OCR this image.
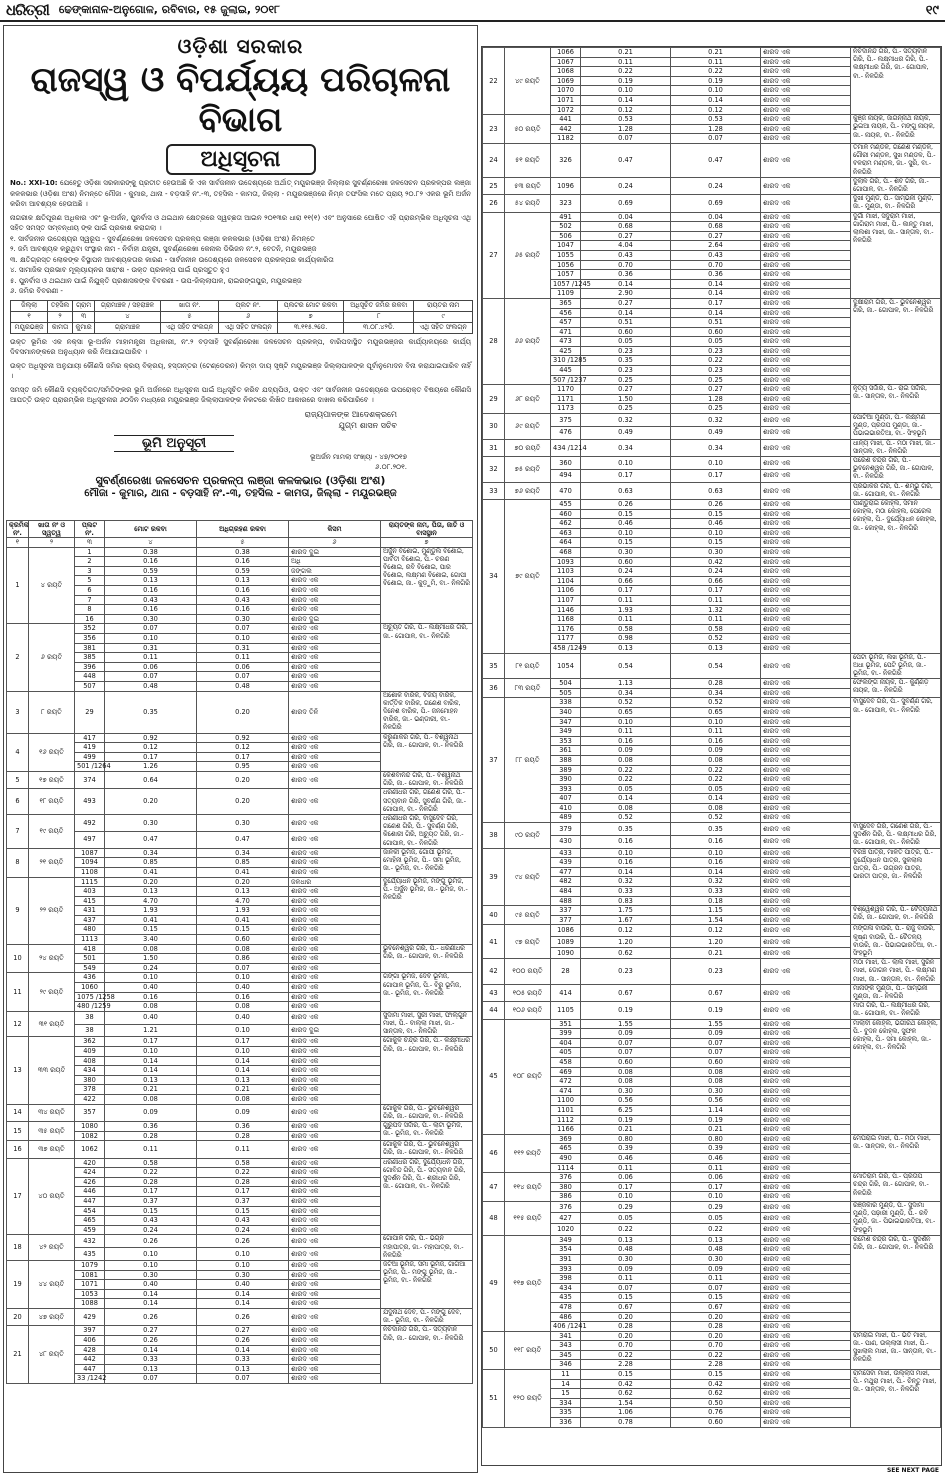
ଧରିତ୍ରୀ ଢେଙ୍କାନାଳ-ଅନୁଗୋଳ, ରବିବାର, ୧୫ ଜୁଲାଇ, ୨୦୧୮	୧୯
ଓଡ଼ିଶା ସରକାର
ରାଜସ୍ୱ ଓ ବିପର୍ଯ୍ୟୟ ପରିଚାଳନା ବିଭାଗ
ଅଧିସୂଚନା
No.: XXI-10: ଯେହେତୁ ଓଡ଼ିଶା ସରକାରଙ୍କୁ ପ୍ରତୀତ ହେଉଅଛି କି ଏକ ସାର୍ବଜନୀନ ଉଦ୍ଦେଶ୍ୟରେ ଅର୍ଥାତ୍ ମୟୂରଭଞ୍ଜ ଜିଲ୍ଲାର ସୁବର୍ଣ୍ଣରେଖା ଜଳସେଚନ ପ୍ରକଳ୍ପର ଲଞ୍ଜା କଳକଭାର (ଓଡ଼ିଶା ଅଂଶ) ନିମନ୍ତେ ମୌଜା - କୁମାର, ଥାନା - ବଡ଼ସାହି ନଂ.-୩, ତହସିଲ - କାମତା, ଜିଲ୍ଲା - ମୟୂରଭଞ୍ଜରେ ନିମ୍ନ ତଫସିଲ ମତେ ପ୍ରାୟ ୨୦.୮୨ ଏକର ଭୂମି ଅର୍ଜନ କରିବା ଆବଶ୍ୟକ ହେଉଅଛି ।
ନାଗରୀକ କ୍ଷତିପୂରଣ ଅଧିକାର ଏବଂ ଭୂ-ଅର୍ଜନ, ପୁନର୍ବାସ ଓ ଥଇଥାନ କ୍ଷେତ୍ରରେ ସ୍ୱଚ୍ଛତା ଆଇନ ୨୦୧୩ର ଧାରା ୧୧(୧) ଏବଂ ଅନୁସାରେ ଘୋଷିତ ଏହି ପ୍ରାରମ୍ଭିକ ଅଧିସୂଚନା ଏଥି ସହିତ ସମସ୍ତ ସମ୍ବନ୍ଧୀୟ ଙ୍କ ପାଇଁ ପ୍ରକାଶ କରାଗଲା ।
୧. ସାର୍ବଜନୀନ ଉଦ୍ଦେଶ୍ୟର ସ୍ୱରୂପ - ସୁବର୍ଣ୍ଣରେଖା ଜଳସେଚନ ପ୍ରକଳ୍ପ ଲଞ୍ଜା କଳକଭାର (ଓଡ଼ିଶା ଅଂଶ) ନିମନ୍ତେ
୨. ଜମି ଆବଶ୍ୟକ କରୁଥିବା ସଂସ୍ଥାର ନାମ - ନିର୍ବାହୀ ଯନ୍ତ୍ରୀ, ସୁବର୍ଣ୍ଣରେଖା କେନାଲ ଡିଭିଜନ ନଂ.୨, ବେତନି, ମୟୂରଭଞ୍ଜ
୩. କ୍ଷତିଗ୍ରସ୍ତ ଲୋକଙ୍କ ବିସ୍ଥାପନ ଆବଶ୍ୟକତାର କାରଣ - ସାର୍ବଜନୀନ ଉଦ୍ଦେଶ୍ୟରେ ଜଳସେଚନ ପ୍ରକଳ୍ପର କାର୍ଯ୍ୟକାରିତା
୪. ସାମାଜିକ ପ୍ରଭାବ ମୂଲ୍ୟାୟନର ସାରାଂଶ - ଉକ୍ତ ପ୍ରକଳ୍ପ ପାଇଁ ପ୍ରସ୍ତୁତ ହୁଏ
୫. ପୁନର୍ବାସ ଓ ଥଇଥାନ ପାଇଁ ନିଯୁକ୍ତି ପ୍ରଶାସକଙ୍କ ବିବରଣୀ - ଉପ-ଜିଲ୍ଲାପାଳ, ରାଇରଙ୍ଗପୁର, ମୟୂରଭଞ୍ଜ
୬. ଜମିର ବିବରଣୀ -
ଜିଲ୍ଲା	ତହସିଲ	ଗ୍ରାମ	ଗ୍ରାମାଞ୍ଚଳ / ସହରାଞ୍ଚଳ	ଖାତା ନଂ.	ପ୍ଲଟ ନଂ.	ପ୍ଲଟର ମୋଟ ରକବା	ଅଧିସୂଚିତ ଜମିର ରକବା	ରାୟତର ନାମ
୧	୨	୩	୪	୫	୬	୭	୮	୯
ମୟୂରଭଞ୍ଜ	କାମତା	କୁମାର	ଗ୍ରାମାଞ୍ଚଳ	ଏଥି ସହିତ ସଂଲଗ୍ନ	ଏଥି ସହିତ ସଂଲଗ୍ନ	୩.୧୧୫.୨ଡେ.	୩.୦୮.୪୨ଡି.	ଏଥି ସହିତ ସଂଲଗ୍ନ
ଉକ୍ତ ଭୂମିର ଏକ ନକ୍ସା ଭୂ-ଅର୍ଜନ ମାହାମନ୍ତ୍ରୀ ଅଧିକାରୀ, ନଂ.୨ ବଡ଼ସାହି ସୁବର୍ଣ୍ଣରେଖା ଜଳସେଚନ ପ୍ରକଳ୍ପ, ବାରିପଦାସ୍ଥିତ ମୟୂରଭଞ୍ଜର କାର୍ଯ୍ୟାଳୟରେ କାର୍ଯ୍ୟ ଦିବସମାନଙ୍କରେ ଅନୁଧ୍ୟାନ କରି ନିଆଯାଇପାରିବ ।
ଉକ୍ତ ଅଧିସୂଚନା ଅନୁଯାୟୀ କୌଣସି ଜମିର କ୍ରୟ ବିକ୍ରୟ, ହସ୍ତାନ୍ତର (ଟେଣ୍ଡେରନ) କିମ୍ବା ଦାୟ ସୃଷ୍ଟି ମୟୂରଭଞ୍ଜ ଜିଲ୍ଲାପାଳଙ୍କ ପୂର୍ବାନୁମୋଦନ ବିନା କରାଯାଇପାରିବ ନାହିଁ ।
ସମସ୍ତ ଜମି କୌଣସି ବ୍ୟକ୍ତିଗତ/ସମିତିଙ୍କର ଭୂମି ଅର୍ଜନରେ ଅଧିସୂଚନା ପାଇଁ ଅଧିସୂଚିତ କରିବ ଯଦ୍ୟପିଓ, ଉକ୍ତ ଏବଂ ସାର୍ବଜନୀନ ଉଦ୍ଦେଶ୍ୟରେ ଉପରୋକ୍ତ ବିଷୟରେ କୌଣସି ଆପତ୍ତି ଉକ୍ତ ପ୍ରାରମ୍ଭିକ ଅଧିସୂଚନାର ୬୦ଦିନ ମଧ୍ୟରେ ମୟୂରଭଞ୍ଜ ଜିଲ୍ଲାପାଳଙ୍କ ନିକଟରେ ଲିଖିତ ଆକାରରେ ଦାଖଲ କରିପାରିବେ ।
ରାଜ୍ୟପାଳଙ୍କ ଆଦେଶକ୍ରମେ
ଯୁଗ୍ମ ଶାସନ ସଚିବ
ଭୂମି ଅନୁସୂଚୀ
ଭୂଅର୍ଜନ ମାମଲା ସଂଖ୍ୟା - ୪୭/୨୦୧୭
୬.୦୮.୨୦୧.
ସୁବର୍ଣ୍ଣରେଖା ଜଳସେଚନ ପ୍ରକଳ୍ପ ଲଞ୍ଜା କଳକଭାର (ଓଡ଼ିଶା ଅଂଶ)
ମୌଜା - କୁମାର, ଥାନା - ବଡ଼ସାହି ନଂ.-୩, ତହସିଲ - କାମତା, ଜିଲ୍ଲା - ମୟୂରଭଞ୍ଜ
କ୍ରମିକ ନଂ.	ଖାତା ନଂ ଓ ସ୍ୱତ୍ୱ	ପ୍ଲଟ ନଂ.	ମୋଟ ରକବା	ଅଧିଗ୍ରହଣ ରକବା	କିସମ	ରାୟତଙ୍କ ନାମ, ପିତା, ଜାତି ଓ ବାସସ୍ଥାନ
୧	୨	୩	୪	୫	୬	୭
1	୪ ରୟତି	1	0.38	0.38	ଶାରଦ ଦୁଇ	ଅର୍ଜୁନ ବିଶୋଇ, ମୁଣ୍ଡୁଲି ବିଶୋଇ, ପାର୍ବତୀ ବିଶୋଇ, ପି.- ଚରଣ ବିଶୋଇ, ରବି ବିଶୋଇ, ପାର ବିଶୋଇ, ଲକ୍ଷ୍ମଣ ବିଶୋଇ, ଗୋପୀ ବିଶୋଇ, ଜା.- କୁଡ଼ୁମି, ବା.- ନିଳଗିରି
		2	0.16	0.16	ଅଧି	
		3	0.59	0.59	ଜଙ୍ଗଲ	
		5	0.13	0.13	ଶାରଦ ଏକ	
		6	0.16	0.16	ଶାରଦ ଏକ	
		7	0.43	0.43	ଶାରଦ ଏକ	
		8	0.16	0.16	ଶାରଦ ଏକ	
		16	0.30	0.30	ଶାରଦ ଦୁଇ	
2	୬ ରୟତି	352	0.07	0.07	ଶାରଦ ଏକ	ଅଚ୍ୟୁତ ଗିରି, ପି.- ଲକ୍ଷ୍ମୀଧର ଗିରି, ଜା.- ଗୋପାଳ, ବା.- ନିଳଗିରି
		356	0.10	0.10	ଶାରଦ ଏକ	
		381	0.31	0.31	ଶାରଦ ଏକ	
		385	0.11	0.11	ଶାରଦ ଏକ	
		396	0.06	0.06	ଶାରଦ ଏକ	
		448	0.07	0.07	ଶାରଦ ଏକ	
		507	0.48	0.48	ଶାରଦ ଏକ	
3	୮ ରୟତି	29	0.35	0.20	ଶାରଦ ତିନି	ଅଶୋକ ବାରିକ, ବିଜୟ ବାରିକ, କାର୍ତ୍ତିକ ବାରିକ, ଗଣେଶ ବାରିକ, ଦିନେଶ ବାରିକ, ପି.- ଜନମୋହନ ବାରିକ, ଜା.- ଭଣ୍ଡାରୀ, ବା.- ନିଳଗିରି
4	୧୬ ରୟତି	417	0.92	0.92	ଶାରଦ ଏକ	କରୁଣାକର ଗିରି, ପି.- ବିଶ୍ୱନାଥ ଗିରି, ଜା.- ଗୋପାଳ, ବା.- ନିଳଗିରି
		419	0.12	0.12	ଶାରଦ ଏକ	
		499	0.17	0.17	ଶାରଦ ଏକ	
		501 /1264	1.26	0.95	ଶାରଦ ଏକ	
5	୧୭ ରୟତି	374	0.64	0.20	ଶାରଦ ଏକ	କେଶବାନନ୍ଦ ଗିରି, ପି.- ବିଶ୍ୱନାଥ ଗିରି, ଜା.- ଗୋପାଳ, ବା.- ନିଳଗିରି
6	୧୮ ରୟତି	493	0.20	0.20	ଶାରଦ ଏକ	ଧରଣୀଧର ଗିରି, ଗଣେଶ ଗିରି, ପି.- ସତ୍ୟବାନ ଗିରି, ସୁବର୍ଣ୍ଣ ଗିରି, ଜା.- ଗୋପାଳ, ବା.- ନିଳଗିରି
7	୧୯ ରୟତି	492	0.30	0.30	ଶାରଦ ଏକ	ଧରଣୀଧର ଗିରି, ବାସୁଦେବ ଗିରି, ଗଣେଶ ଗିରି, ପି.- ସୁବର୍ଣ୍ଣ ଗିରି, କିଶୋରୀ ଗିରି, ଅଚ୍ୟୁତ ଗିରି, ଜା.- ଗୋପାଳ, ବା.- ନିଳଗିରି
		497	0.47	0.47	ଶାରଦ ଏକ	
8	୨୧ ରୟତି	1087	0.34	0.34	ଶାରଦ ଏକ	ଜାନକୀ ଭୂମିଜ, ଗୋପୀ ଭୂମିଜ, ମୋହିନୀ ଭୂମିଜ, ପି.- ସମା ଭୂମିଜ, ଜା.- ଭୂମିଜ, ବା.- ନିଳଗିରି
		1094	0.85	0.85	ଶାରଦ ଏକ	
		1108	0.41	0.41	ଶାରଦ ଏକ	
9	୨୨ ରୟତି	1115	0.20	0.20	ଜଳଧାର	ଦୁର୍ଯ୍ୟୋଧନ ଭୂମିଜ, ମଙ୍ଗୁ ଭୂମିଜ, ପି.- ଅର୍ଜୁନ ଭୂମିଜ, ଜା.- ଭୂମିଜ, ବା.- ନିଳଗିରି
		403	0.13	0.13	ଶାରଦ ଏକ	
		415	4.70	4.70	ଶାରଦ ଏକ	
		431	1.93	1.93	ଶାରଦ ଏକ	
		437	0.41	0.41	ଶାରଦ ଏକ	
		480	0.15	0.15	ଶାରଦ ଏକ	
		1113	3.40	0.60	ଶାରଦ ଏକ	
10	୨୪ ରୟତି	418	0.08	0.08	ଶାରଦ ଏକ	ଭୁବନେଶ୍ୱର ଗିରି, ପି.- ଧରଣୀଧର ଗିରି, ଜା.- ଗୋପାଳ, ବା.- ନିଳଗିରି
		501	1.50	0.86	ଶାରଦ ଏକ	
		549	0.24	0.07	ଶାରଦ ଏକ	
11	୨୯ ରୟତି	436	0.10	0.10	ଶାରଦ ଏକ	ଗଙ୍ଗା ଭୂମିଜ, ଦେବ ଭୂମିଜ, ଗୋପାଳ ଭୂମିଜ, ପି.- ବିରୁ ଭୂମିଜ, ଜା.- ଭୂମିଜ, ବା.- ନିଳଗିରି
		1060	0.40	0.40	ଶାରଦ ଏକ	
		1075 /1258	0.16	0.16	ଶାରଦ ଏକ	
		480 /1259	0.08	0.08	ଶାରଦ ଏକ	
12	୩୧ ରୟତି	38	0.40	0.40	ଶାରଦ ଏକ	ସୁଦାମା ମାଝୀ, ସୁରୀ ମାଝୀ, ଫାଲ୍ଗୁନ ମାଝୀ, ପି.- ବାଲ୍ଲା ମାଝୀ, ଜା.- ସାନ୍ତାଳ, ବା.- ନିଳଗିରି
		38	1.21	0.10	ଶାରଦ ଦୁଇ	
13	୩୩ ରୟତି	362	0.17	0.17	ଶାରଦ ଏକ	ଗୋକୁଳ ଚନ୍ଦ୍ର ଗିରି, ପି.- ଲକ୍ଷ୍ମୀଧର ଗିରି, ଜା.- ଗୋପାଳ, ବା.- ନିଳଗିରି
		409	0.10	0.10	ଶାରଦ ଏକ	
		408	0.14	0.14	ଶାରଦ ଏକ	
		434	0.14	0.14	ଶାରଦ ଏକ	
		380	0.13	0.13	ଶାରଦ ଏକ	
		378	0.21	0.21	ଶାରଦ ଏକ	
		422	0.08	0.08	ଶାରଦ ଏକ	
14	୩୪ ରୟତି	357	0.09	0.09	ଶାରଦ ଏକ	ଗୋକୁଳ ଗିରି, ପି.- ଭୁବନେଶ୍ୱର ଗିରି, ଜା.- ଗୋପାଳ, ବା.- ନିଳଗିରି
15	୩୫ ରୟତି	1080	0.36	0.36	ଶାରଦ ଏକ	ଗୁରୁପଦ ସର୍ଦ୍ଦାର, ପି.- ଲାଟା ଭୂମିଜ, ଜା.- ଭୂମିଜ, ବା.- ନିଳଗିରି
		1082	0.28	0.28	ଶାରଦ ଏକ	
16	୩୭ ରୟତି	1062	0.11	0.11	ଶାରଦ ଏକ	ଗୋକୁଳ ଗିରି, ପି.- ଭୁବନେଶ୍ୱର ଗିରି, ଜା.- ଗୋପାଳ, ବା.- ନିଳଗିରି
17	୪୦ ରୟତି	420	0.58	0.58	ଶାରଦ ଏକ	ଧରଣୀଧର ଗିରି, ଦୁର୍ଯ୍ୟୋଧନ ଗିରି, ଗୋବିନ୍ଦ ଗିରି, ପି.- ସତ୍ୟବାନ ଗିରି, ସୁଦର୍ଶନ ଗିରି, ପି.- ଶ୍ରୀଧର ଗିରି, ଜା.- ଗୋପାଳ, ବା.- ନିଳଗିରି
		424	0.22	0.22	ଶାରଦ ଏକ	
		426	0.28	0.28	ଶାରଦ ଏକ	
		446	0.17	0.17	ଶାରଦ ଏକ	
		447	0.37	0.37	ଶାରଦ ଏକ	
		454	0.15	0.15	ଶାରଦ ଏକ	
		465	0.43	0.43	ଶାରଦ ଏକ	
		459	0.24	0.24	ଶାରଦ ଏକ	
18	୪୨ ରୟତି	432	0.26	0.26	ଶାରଦ ଏକ	ଗୋପାଳ ଗିରି, ପି.- ଭଗ୍ନ ମହାପାତ୍ର, ଜା.- ମହାପାତ୍ର, ବା.- ନିଳଗିରି
		435	0.10	0.10	ଶାରଦ ଏକ	
19	୪୪ ରୟତି	1079	0.10	0.10	ଶାରଦ ଏକ	ଜଟିଆ ଭୂମିଜ, ସମା ଭୂମିଜ, ଗାଗିଆ ଭୂମିଜ, ପି.- ମଙ୍ଗୁ ଭୂମିଜ, ଜା.- ଭୂମିଜ, ବା.- ନିଳଗିରି
		1081	0.30	0.30	ଶାରଦ ଏକ	
		1071	0.40	0.40	ଶାରଦ ଏକ	
		1053	0.14	0.14	ଶାରଦ ଏକ	
		1088	0.14	0.14	ଶାରଦ ଏକ	
20	୪୭ ରୟତି	429	0.26	0.26	ଶାରଦ ଏକ	ଯଦୁନାଥ ଦେବ, ପି.- ମଙ୍ଗୁ ଦେବ, ଜା.- ଭୂମିଜ, ବା.- ନିଳଗିରି
21	୪୮ ରୟତି	397	0.27	0.27	ଶାରଦ ଏକ	ନିଚିଦାନନ୍ଦ ଗିରି, ପି.- ସତ୍ୟବାନ ଗିରି, ଜା.- ଗୋପାଳ, ବା.- ନିଳଗିରି
		406	0.26	0.26	ଶାରଦ ଏକ	
		428	0.14	0.14	ଶାରଦ ଏକ	
		442	0.33	0.33	ଶାରଦ ଏକ	
		447	0.13	0.13	ଶାରଦ ଏକ	
		33 /1242	0.07	0.07	ଶାରଦ ଏକ	
22	୪୯ ରୟତି	1066	0.21	0.21	ଶାରଦ ଏକ	ନିଚିଦାନନ୍ଦ ଗିରି, ପି.- ସତ୍ୟବାନ ଗିରି, ପି.- ଲକ୍ଷ୍ମୀଧର ଗିରି, ପି.- ଲକ୍ଷ୍ମୀଧର ଗିରି, ଜା.- ଗୋପାଳ, ବା.- ନିଳଗିରି
		1067	0.11	0.11	ଶାରଦ ଏକ	
		1068	0.22	0.22	ଶାରଦ ଏକ	
		1069	0.19	0.19	ଶାରଦ ଏକ	
		1070	0.10	0.10	ଶାରଦ ଏକ	
		1071	0.14	0.14	ଶାରଦ ଏକ	
		1072	0.12	0.12	ଶାରଦ ଏକ	
23	୫୦ ରୟତି	441	0.53	0.53	ଶାରଦ ଏକ	କୁଞ୍ଜ ନାୟକ, ଜାଗନ୍ନାଥ ନାୟକ, ଭୁଇଆ ନାୟକ, ପି.- ମଙ୍ଗୁ ନାୟକ, ଜା.- ନାୟକ, ବା.- ନିଳଗିରି
		442	1.28	1.28	ଶାରଦ ଏକ	
		1182	0.07	0.07	ଶାରଦ ଏକ	
24	୫୧ ରୟତି	326	0.47	0.47	ଶାରଦ ଏକ	ତମାଳ ମଣ୍ଡଳ, ଗଣେଶ ମଣ୍ଡଳ, ଗୌରୀ ମଣ୍ଡଳ, ସୁଖ ମଣ୍ଡଳ, ପି.- ବଳରାମ ମଣ୍ଡଳ, ଜା.- ସୁରି, ବା.- ନିଳଗିରି
25	୫୩ ରୟତି	1096	0.24	0.24	ଶାରଦ ଏକ	ଦୁଲାଳ ଗିରି, ପି.- ଶିବ ଗିରି, ଜା.- ଗୋପାଳ, ବା.- ନିଳଗିରି
26	୫୪ ରୟତି	323	0.69	0.69	ଶାରଦ ଏକ	ଦୁଖୀ ମୁଣ୍ଡ, ପି.- ସାମ୍ଭନୀ ମୁଣ୍ଡ, ଜା.- ମୁଣ୍ଡା, ବା.- ନିଳଗିରି
27	୬୫ ରୟତି	491	0.04	0.04	ଶାରଦ ଏକ	ଦୁର୍ଗା ମାଝୀ, ସଦୁରାମ ମାଝୀ, ଗାଗିରାମ ମାଝୀ, ପି.- କାନ୍ତୁ ମାଝୀ, ଲାଲଶା ମାଝୀ, ଜା.- ସାନ୍ତାଳ, ବା.- ନିଳଗିରି
		502	0.68	0.68	ଶାରଦ ଏକ	
		506	0.27	0.27	ଶାରଦ ଏକ	
		1047	4.04	2.64	ଶାରଦ ଏକ	
		1055	0.43	0.43	ଶାରଦ ଏକ	
		1056	0.70	0.70	ଶାରଦ ଏକ	
		1057	0.36	0.36	ଶାରଦ ଏକ	
		1057 /1245	0.14	0.14	ଶାରଦ ଏକ	
		1109	2.90	0.14	ଶାରଦ ଏକ	
28	୬୬ ରୟତି	365	0.27	0.17	ଶାରଦ ଏକ	ଦୁକ୍ଷୀରାମ ଗିରି, ପି.- ଭୁବନେଶ୍ୱର ଗିରି, ଜା.- ଗୋପାଳ, ବା.- ନିଳଗିରି
		456	0.14	0.14	ଶାରଦ ଏକ	
		457	0.51	0.51	ଶାରଦ ଏକ	
		471	0.60	0.60	ଶାରଦ ଏକ	
		473	0.05	0.05	ଶାରଦ ଏକ	
		425	0.23	0.23	ଶାରଦ ଏକ	
		310 /1285	0.35	0.22	ଶାରଦ ଏକ	
		445	0.23	0.23	ଶାରଦ ଏକ	
		507 /1237	0.25	0.25	ଶାରଦ ଏକ	
29	୬୮ ରୟତି	1170	0.27	0.27	ଶାରଦ ଏକ	ନୃତ୍ୟ ସର୍ଦ୍ଦାର, ପି.- ରାଇ ସର୍ଦ୍ଦାର, ଜା.- ସାନ୍ତାଳ, ବା.- ନିଳଗିରି
		1171	1.50	1.28	ଶାରଦ ଏକ	
		1173	0.25	0.25	ଶାରଦ ଏକ	
30	୬୯ ରୟତି	375	0.32	0.32	ଶାରଦ ଏକ	ପୋଟିଆ ମୁଣ୍ଡା, ପି.- ଲକ୍ଷ୍ମଣ ମୁଣ୍ଡ, ପ୍ରତାପ ମୁଣ୍ଡା, ଜା.- ପିଭାଇଭାରତିଆ, ବା.- ସିଂହଭୂମି
		476	0.49	0.49	ଶାରଦ ଏକ	
31	୭୦ ରୟତି	434 /1214	0.34	0.34	ଶାରଦ ଏକ	ଧାନ୍ୟ ମାଝୀ, ପି.- ମଠା ମାଝୀ, ଜା.- ସାନ୍ତାଳ, ବା.- ନିଳଗିରି
32	୭୫ ରୟତି	360	0.10	0.10	ଶାରଦ ଏକ	ପରେଶ ଚନ୍ଦ୍ର ଗିରି, ପି.- ଭୁବନେଶ୍ୱର ଗିରି, ଜା.- ଗୋପାଳ, ବା.- ନିଳଗିରି
		494	0.17	0.17	ଶାରଦ ଏକ	
33	୭୬ ରୟତି	470	0.63	0.63	ଶାରଦ ଏକ	ପ୍ରଭାକର ଗିରି, ପି.- ଶମ୍ଭୁ ଗିରି, ଜା.- ଗୋପାଳ, ବା.- ନିଳଗିରି
34	୭୯ ରୟତି	455	0.26	0.26	ଶାରଦ ଏକ	ପାଣ୍ଡୁରାଇ କୋହ୍ଲ, ସିମାନ କୋହ୍ଲ, ମଠା କୋହ୍ଲ, ପେରେଲ କୋହ୍ଲ, ପି.- ଦୁର୍ଯ୍ୟୋଧନ କୋହ୍ଲ, ଜା.- କୋହ୍ଲ, ବା.- ନିଳଗିରି
		460	0.15	0.15	ଶାରଦ ଏକ	
		462	0.46	0.46	ଶାରଦ ଏକ	
		463	0.10	0.10	ଶାରଦ ଏକ	
		464	0.15	0.15	ଶାରଦ ଏକ	
		468	0.30	0.30	ଶାରଦ ଏକ	
		1093	0.60	0.42	ଶାରଦ ଏକ	
		1103	0.24	0.24	ଶାରଦ ଏକ	
		1104	0.66	0.66	ଶାରଦ ଏକ	
		1106	0.17	0.17	ଶାରଦ ଏକ	
		1107	0.11	0.11	ଶାରଦ ଏକ	
		1146	1.93	1.32	ଶାରଦ ଏକ	
		1168	0.11	0.11	ଶାରଦ ଏକ	
		1176	0.58	0.58	ଶାରଦ ଏକ	
		1177	0.98	0.52	ଶାରଦ ଏକ	
		458 /1249	0.13	0.13	ଶାରଦ ଏକ	
35	୮୧ ରୟତି	1054	0.54	0.54	ଶାରଦ ଏକ	ପେଟା ଭୂମିଜ, ଲଖ ଭୂମିଜ, ପି.- ଅଧା ଭୂମିଜ, ପେଟି ଭୂମିଜ, ଜା.- ଭୂମିଜ, ବା.- ନିଳଗିରି
36	୮୩ ରୟତି	504	1.13	0.28	ଶାରଦ ଏକ	ଫେଲଙ୍ଗ ନାୟକ, ପି.- କୁର୍ଣ୍ଣିଡ଼ ନାୟକ, ଜା.- ନିଳଗିରି
		505	0.34	0.34	ଶାରଦ ଏକ	
37	୮୮ ରୟତି	338	0.52	0.52	ଶାରଦ ଏକ	ବାସୁଦେବ ଗିରି, ପି.- ସୁବର୍ଣ୍ଣ ଗିରି, ଜା.- ଗୋପାଳ, ବା.- ନିଳଗିରି
		340	0.65	0.65	ଶାରଦ ଏକ	
		347	0.10	0.10	ଶାରଦ ଏକ	
		349	0.11	0.11	ଶାରଦ ଏକ	
		353	0.16	0.16	ଶାରଦ ଏକ	
		361	0.09	0.09	ଶାରଦ ଏକ	
		388	0.08	0.08	ଶାରଦ ଏକ	
		389	0.22	0.22	ଶାରଦ ଏକ	
		390	0.22	0.22	ଶାରଦ ଏକ	
		393	0.05	0.05	ଶାରଦ ଏକ	
		407	0.14	0.14	ଶାରଦ ଏକ	
		410	0.08	0.08	ଶାରଦ ଏକ	
		489	0.52	0.52	ଶାରଦ ଏକ	
38	୯୦ ରୟତି	379	0.35	0.35	ଶାରଦ ଏକ	ବାସୁଦେବ ଗିରି, ଗଣେଶ ଗିରି, ପି.- ସୁଦର୍ଶନ ଗିରି, ପି.- ଲକ୍ଷ୍ମୀଧର ଗିରି, ଜା.- ଗୋପାଳ, ବା.- ନିଳଗିରି
		430	0.16	0.16	ଶାରଦ ଏକ	
39	୯୪ ରୟତି	433	0.10	0.10	ଶାରଦ ଏକ	ବିରଞ୍ଚି ପାତ୍ର, ମାଳତି ପାତ୍ର, ପି.- ଦୁର୍ଯ୍ୟୋଧନ ପାତ୍ର, ସୁକଲାଲ ପାତ୍ର, ପି.- ଉଗ୍ରନ ପାତ୍ର, ଭାରତୀ ପାତ୍ର, ଜା.- ନିଳଗିରି
		439	0.16	0.16	ଶାରଦ ଏକ	
		477	0.14	0.14	ଶାରଦ ଏକ	
		482	0.32	0.32	ଶାରଦ ଏକ	
		484	0.33	0.33	ଶାରଦ ଏକ	
		488	0.83	0.18	ଶାରଦ ଏକ	
40	୯୫ ରୟତି	337	1.75	1.15	ଶାରଦ ଏକ	ବିଶ୍ୱେଶ୍ୱର ଗିରି, ପି.- ବୈଦ୍ୟନାଥ ଗିରି, ଜା.- ଗୋପାଳ, ବା.- ନିଳଗିରି
		377	1.67	1.54	ଶାରଦ ଏକ	
41	୯୭ ରୟତି	1086	0.12	0.12	ଶାରଦ ଏକ	ମଙ୍ଗଳା ବାଉରି, ପି.- ରାଜୁ ବାଉରି, କୃଷ୍ଣ ବାଉରି, ପି.- ଚୈତନ୍ୟ ବାଉରି, ଜା.- ପିଭାଇଭାରତିଆ, ବା.- ସିଂହଭୂମି
		1089	1.20	1.20	ଶାରଦ ଏକ	
		1090	0.62	0.21	ଶାରଦ ଏକ	
42	୧୦୦ ରୟତି	28	0.23	0.23	ଶାରଦ ଏକ	ମଠା ମାଝୀ, ପି.- ଲାଲ ମାଝୀ, ସୁରିନ ମାଝୀ, ଡୋଗନ ମାଝୀ, ପି.- ଲକ୍ଷ୍ମଣ ମାଝୀ, ଜା.- ସାନ୍ତାଳ, ବା.- ନିଳଗିରି
43	୧୦୫ ରୟତି	414	0.67	0.67	ଶାରଦ ଏକ	ମାନାଙ୍କ ମୁଣ୍ଡା, ପି.- ସାମ୍ଭନୀ ମୁଣ୍ଡା, ଜା.- ନିଳଗିରି
44	୧୦୬ ରୟତି	1105	0.19	0.19	ଶାରଦ ଏକ	ମାତା ଗିରି, ପି.- ଲକ୍ଷ୍ମୀଧର ଗିରି, ଜା.- ଗୋପାଳ, ବା.- ନିଳଗିରି
45	୧୦୮ ରୟତି	351	1.55	1.55	ଶାରଦ ଏକ	ମାଲାବୀ କୋହ୍ଲ, ଭଗୀରଥ କୋହ୍ଲ, ପି.- ବୁଦନ କୋହ୍ଲ, ସୁଫଳ କୋହ୍ଲ, ପି.- ସମା କୋହ୍ଲ, ଜା.- କୋହ୍ଲ, ବା.- ନିଳଗିରି
		399	0.09	0.09	ଶାରଦ ଏକ	
		404	0.07	0.07	ଶାରଦ ଏକ	
		405	0.07	0.07	ଶାରଦ ଏକ	
		458	0.60	0.60	ଶାରଦ ଏକ	
		469	0.08	0.08	ଶାରଦ ଏକ	
		472	0.08	0.08	ଶାରଦ ଏକ	
		474	0.30	0.30	ଶାରଦ ଏକ	
		1100	0.56	0.56	ଶାରଦ ଏକ	
		1101	6.25	1.14	ଶାରଦ ଏକ	
		1112	0.19	0.19	ଶାରଦ ଏକ	
		1166	0.21	0.21	ଶାରଦ ଏକ	
46	୧୧୨ ରୟତି	369	0.80	0.80	ଶାରଦ ଏକ	ମେଘରାଇ ମାଝୀ, ପି.- ମଠା ମାଝୀ, ଜା.- ସାନ୍ତାଳ, ବା.- ନିଳଗିରି
		465	0.39	0.39	ଶାରଦ ଏକ	
		490	0.46	0.46	ଶାରଦ ଏକ	
		1114	0.11	0.11	ଶାରଦ ଏକ	
47	୧୧୪ ରୟତି	376	0.06	0.06	ଶାରଦ ଏକ	ମୋତିରାମ ଗିରି, ପି.- ପ୍ରତାପ ଚନ୍ଦ୍ର ଗିରି, ଜା.- ଗୋପାଳ, ବା.- ନିଳଗିରି
		380	0.17	0.17	ଶାରଦ ଏକ	
		386	0.10	0.10	ଶାରଦ ଏକ	
48	୧୧୫ ରୟତି	376	0.29	0.29	ଶାରଦ ଏକ	ରଞ୍ଜକାର ମୁଣ୍ଡି, ପି.- ସୁଦାମା ମୁଣ୍ଡି, ପଢ଼ାରୀ ମୁଣ୍ଡି, ପି.- ରବି ମୁଣ୍ଡି, ଜା.- ପିଭାଇଭାରତିଆ, ବା.- ସିଂହଭୂମି
		427	0.05	0.05	ଶାରଦ ଏକ	
		1020	0.22	0.22	ଶାରଦ ଏକ	
49	୧୧୭ ରୟତି	349	0.13	0.13	ଶାରଦ ଏକ	ରମେଶ ଚନ୍ଦ୍ର ଗିରି, ପି.- ସୁଦର୍ଶନ ଗିରି, ଜା.- ଗୋପାଳ, ବା.- ନିଳଗିରି
		354	0.48	0.48	ଶାରଦ ଏକ	
		391	0.30	0.30	ଶାରଦ ଏକ	
		393	0.09	0.09	ଶାରଦ ଏକ	
		398	0.11	0.11	ଶାରଦ ଏକ	
		434	0.07	0.07	ଶାରଦ ଏକ	
		435	0.15	0.15	ଶାରଦ ଏକ	
		478	0.67	0.67	ଶାରଦ ଏକ	
		486	0.20	0.20	ଶାରଦ ଏକ	
		406 /1241	0.28	0.28	ଶାରଦ ଏକ	
50	୧୧୮ ରୟତି	341	0.20	0.20	ଶାରଦ ଏକ	ରାମରାଇ ମାଝୀ, ପି.- ଭିତି ମାଝୀ, ଜା.- ପାଣ, ଉଲ୍ଲାସୀ ମାଝୀ, ପି.- ସୁଖଲାଲ ମାଝୀ, ଜା.- ସାନ୍ତାଳ, ବା.- ନିଳଗିରି
		343	0.70	0.70	ଶାରଦ ଏକ	
		345	0.22	0.22	ଶାରଦ ଏକ	
		346	2.28	2.28	ଶାରଦ ଏକ	
51	୧୨୦ ରୟତି	11	0.15	0.15	ଶାରଦ ଏକ	ରାମସେବା ମାଝୀ, ଉଲ୍ଲାସ ମାଝୀ, ପି.- ମଥୁରା ମାଝୀ, ପି.- ଚିନ୍ତୁ ମାଝୀ, ଜା.- ସାନ୍ତାଳ, ବା.- ନିଳଗିରି
		14	0.42	0.42	ଶାରଦ ଏକ	
		15	0.62	0.62	ଶାରଦ ଏକ	
		334	1.54	0.50	ଶାରଦ ଏକ	
		335	1.06	0.76	ଶାରଦ ଏକ	
		336	0.78	0.60	ଶାରଦ ଏକ	
SEE NEXT PAGE
